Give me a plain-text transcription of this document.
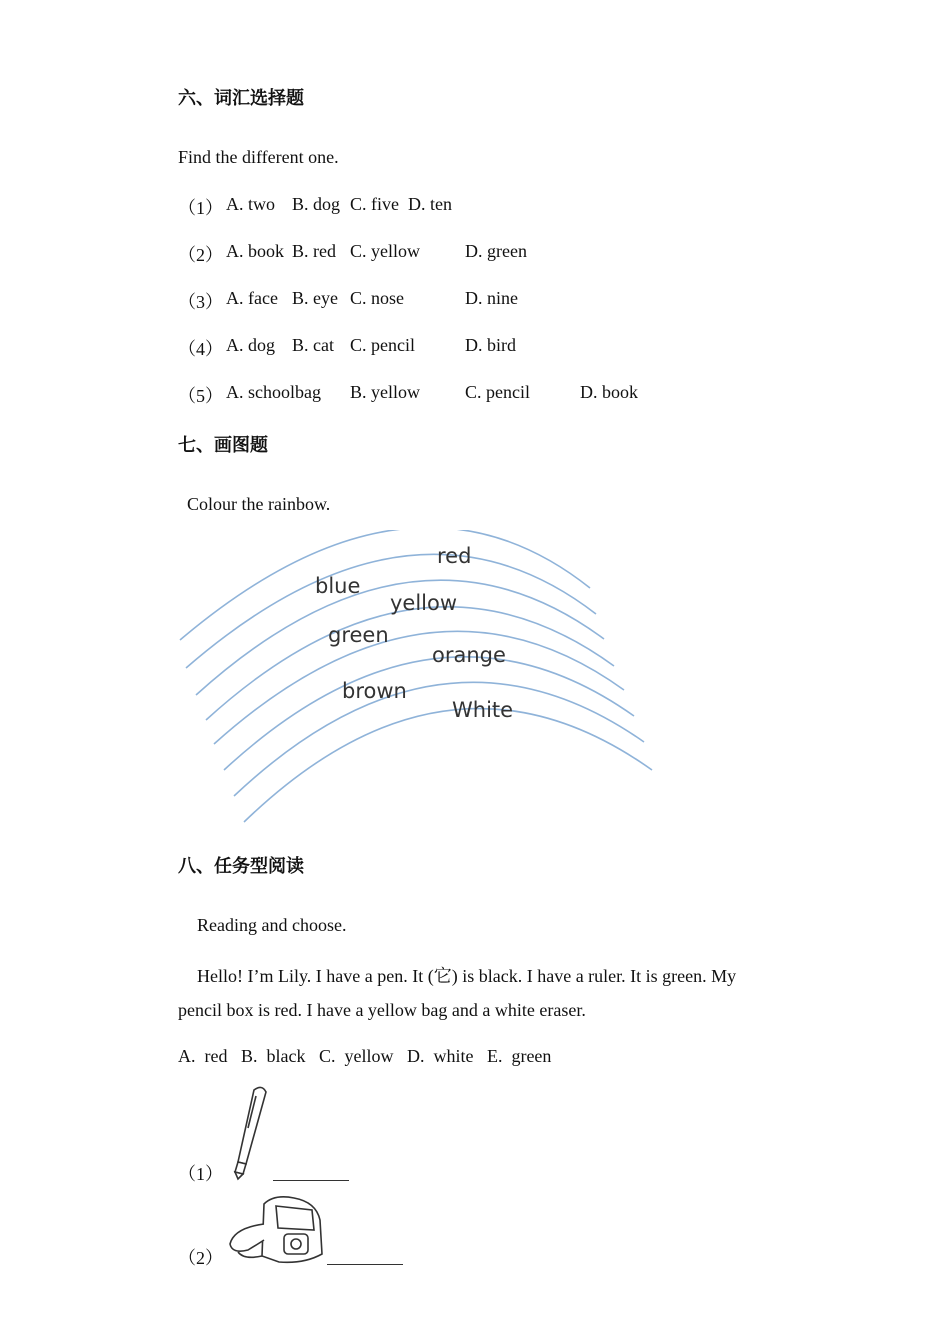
六、词汇选择题
Find the different one.
（1） A. two B. dog C. five D. ten
（2） A. book B. red C. yellow	D. green
（3） A. face B. eye C. nose	D. nine
（4） A. dog B. cat C. pencil	D. bird
（5） A. schoolbag B. yellow	C. pencil	D. book
七、画图题
Colour the rainbow.
red
blue
yellow
green
orange
brown
White
八、任务型阅读
Reading and choose.
Hello! I’m Lily. I have a pen. It (它) is black. I have a ruler. It is green. My
pencil box is red. I have a yellow bag and a white eraser.
A.  red   B.  black   C.  yellow   D.  white   E.  green
（1）
（2）
